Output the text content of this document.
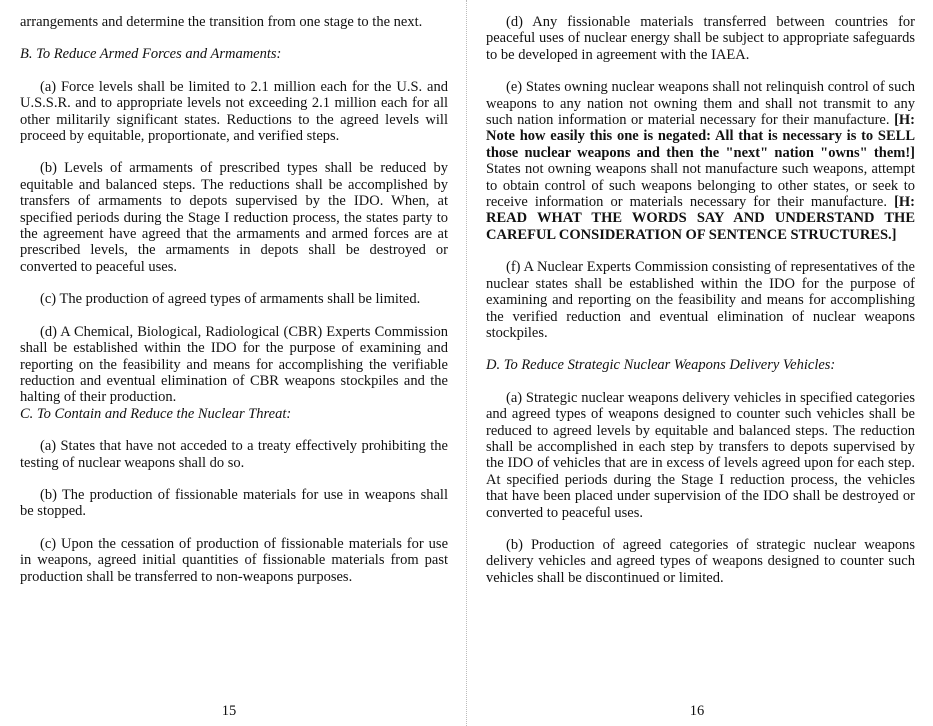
arrangements and determine the transition from one stage to the next.

B. To Reduce Armed Forces and Armaments:

(a) Force levels shall be limited to 2.1 million each for the U.S. and U.S.S.R. and to appropriate levels not exceeding 2.1 million each for all other militarily significant states. Reductions to the agreed levels will proceed by equitable, proportionate, and verified steps.

(b) Levels of armaments of prescribed types shall be reduced by equitable and balanced steps. The reductions shall be accomplished by transfers of armaments to depots supervised by the IDO. When, at specified periods during the Stage I reduction process, the states party to the agreement have agreed that the armaments and armed forces are at prescribed levels, the armaments in depots shall be destroyed or converted to peaceful uses.

(c) The production of agreed types of armaments shall be limited.

(d) A Chemical, Biological, Radiological (CBR) Experts Commission shall be established within the IDO for the purpose of examining and reporting on the feasibility and means for accomplishing the verifiable reduction and eventual elimination of CBR weapons stockpiles and the halting of their production.

C. To Contain and Reduce the Nuclear Threat:

(a) States that have not acceded to a treaty effectively prohibiting the testing of nuclear weapons shall do so.

(b) The production of fissionable materials for use in weapons shall be stopped.

(c) Upon the cessation of production of fissionable materials for use in weapons, agreed initial quantities of fissionable materials from past production shall be transferred to non-weapons purposes.

15

(d) Any fissionable materials transferred between countries for peaceful uses of nuclear energy shall be subject to appropriate safeguards to be developed in agreement with the IAEA.

(e) States owning nuclear weapons shall not relinquish control of such weapons to any nation not owning them and shall not transmit to any such nation information or material necessary for their manufacture. [H: Note how easily this one is negated: All that is necessary is to SELL those nuclear weapons and then the "next" nation "owns" them!] States not owning weapons shall not manufacture such weapons, attempt to obtain control of such weapons belonging to other states, or seek to receive information or materials necessary for their manufacture. [H: READ WHAT THE WORDS SAY AND UNDERSTAND THE CAREFUL CONSIDERATION OF SENTENCE STRUCTURES.]

(f) A Nuclear Experts Commission consisting of representatives of the nuclear states shall be established within the IDO for the purpose of examining and reporting on the feasibility and means for accomplishing the verified reduction and eventual elimination of nuclear weapons stockpiles.

D. To Reduce Strategic Nuclear Weapons Delivery Vehicles:

(a) Strategic nuclear weapons delivery vehicles in specified categories and agreed types of weapons designed to counter such vehicles shall be reduced to agreed levels by equitable and balanced steps. The reduction shall be accomplished in each step by transfers to depots supervised by the IDO of vehicles that are in excess of levels agreed upon for each step. At specified periods during the Stage I reduction process, the vehicles that have been placed under supervision of the IDO shall be destroyed or converted to peaceful uses.

(b) Production of agreed categories of strategic nuclear weapons delivery vehicles and agreed types of weapons designed to counter such vehicles shall be discontinued or limited.

16
